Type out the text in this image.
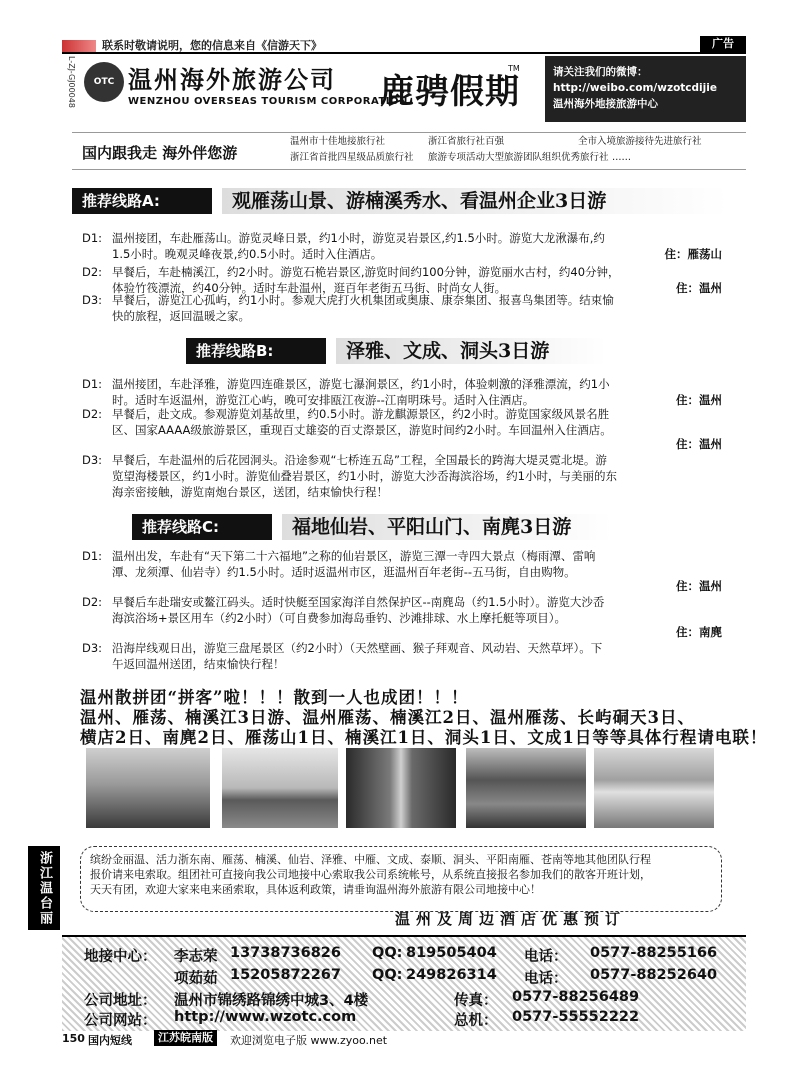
联系时敬请说明，您的信息来自《信游天下》	广告
L-ZJ-GJ00048	OTC 温州海外旅游公司
WENZHOU OVERSEAS TOURISM CORPORATION
鹿骋假期
TM	请关注我们的微博：
http://weibo.com/wzotcdijie
温州海外地接旅游中心
国内跟我走 海外伴您游
温州市十佳地接旅行社	浙江省旅行社百强	全市入境旅游接待先进旅行社
浙江省首批四星级品质旅行社 旅游专项活动大型旅游团队组织优秀旅行社 ……
推荐线路A:	观雁荡山景、游楠溪秀水、看温州企业3日游
D1: 温州接团，车赴雁荡山。游览灵峰日景，约1小时，游览灵岩景区,约1.5小时。游览大龙湫瀑布,约
1.5小时。晚观灵峰夜景,约0.5小时。适时入住酒店。	住：雁荡山
D2: 早餐后，车赴楠溪江，约2小时。游览石桅岩景区,游览时间约100分钟，游览丽水古村，约40分钟，
体验竹筏漂流，约40分钟。适时车赴温州，逛百年老街五马街、时尚女人街。	住：温州
D3: 早餐后，游览江心孤屿，约1小时。参观大虎打火机集团或奥康、康奈集团、报喜鸟集团等。结束愉
快的旅程，返回温暖之家。
推荐线路B:	泽雅、文成、洞头3日游
D1: 温州接团，车赴泽雅，游览四连碓景区，游览七瀑涧景区，约1小时，体验刺激的泽雅漂流，约1小
时。适时车返温州，游览江心屿，晚可安排瓯江夜游--江南明珠号。适时入住酒店。	住：温州
D2: 早餐后，赴文成。参观游览刘基故里，约0.5小时。游龙麒源景区，约2小时。游览国家级风景名胜
区、国家AAAA级旅游景区，重现百丈雄姿的百丈漈景区，游览时间约2小时。车回温州入住酒店。
住：温州
D3: 早餐后，车赴温州的后花园洞头。沿途参观“七桥连五岛”工程，全国最长的跨海大堤灵霓北堤。游
览望海楼景区，约1小时。游览仙叠岩景区，约1小时，游览大沙岙海滨浴场，约1小时，与美丽的东
海亲密接触，游览南炮台景区，送团，结束愉快行程！
推荐线路C:	福地仙岩、平阳山门、南麂3日游
D1: 温州出发，车赴有“天下第二十六福地”之称的仙岩景区，游览三潭一寺四大景点（梅雨潭、雷响
潭、龙须潭、仙岩寺）约1.5小时。适时返温州市区，逛温州百年老街--五马街，自由购物。
住：温州
D2: 早餐后车赴瑞安或鳌江码头。适时快艇至国家海洋自然保护区--南麂岛（约1.5小时）。游览大沙岙
海滨浴场+景区用车（约2小时）（可自费参加海岛垂钓、沙滩排球、水上摩托艇等项目）。
住：南麂
D3: 沿海岸线观日出，游览三盘尾景区（约2小时）（天然壁画、猴子拜观音、风动岩、天然草坪）。下
午返回温州送团，结束愉快行程！
温州散拼团“拼客”啦！！！散到一人也成团！！！
温州、雁荡、楠溪江3日游、温州雁荡、楠溪江2日、温州雁荡、长屿硐天3日、
横店2日、南麂2日、雁荡山1日、楠溪江1日、洞头1日、文成1日等等具体行程请电联！
浙江温台丽	缤纷金丽温、活力浙东南、雁荡、楠溪、仙岩、泽雅、中雁、文成、泰顺、洞头、平阳南雁、苍南等地其他团队行程
报价请来电索取。组团社可直接向我公司地接中心索取我公司系统帐号，从系统直接报名参加我们的散客开班计划，
天天有团，欢迎大家来电来函索取，具体返利政策，请垂询温州海外旅游有限公司地接中心！
温州及周边酒店优惠预订
地接中心： 李志荣 13738736826 QQ: 819505404 电话： 0577-88255166
项茹茹 15205872267 QQ: 249826314 电话： 0577-88252640
公司地址： 温州市锦绣路锦绣中城3、4楼	传真： 0577-88256489
公司网站： http://www.wzotc.com	总机： 0577-55552222
150 国内短线	江苏皖南版	欢迎浏览电子版 www.zyoo.net
